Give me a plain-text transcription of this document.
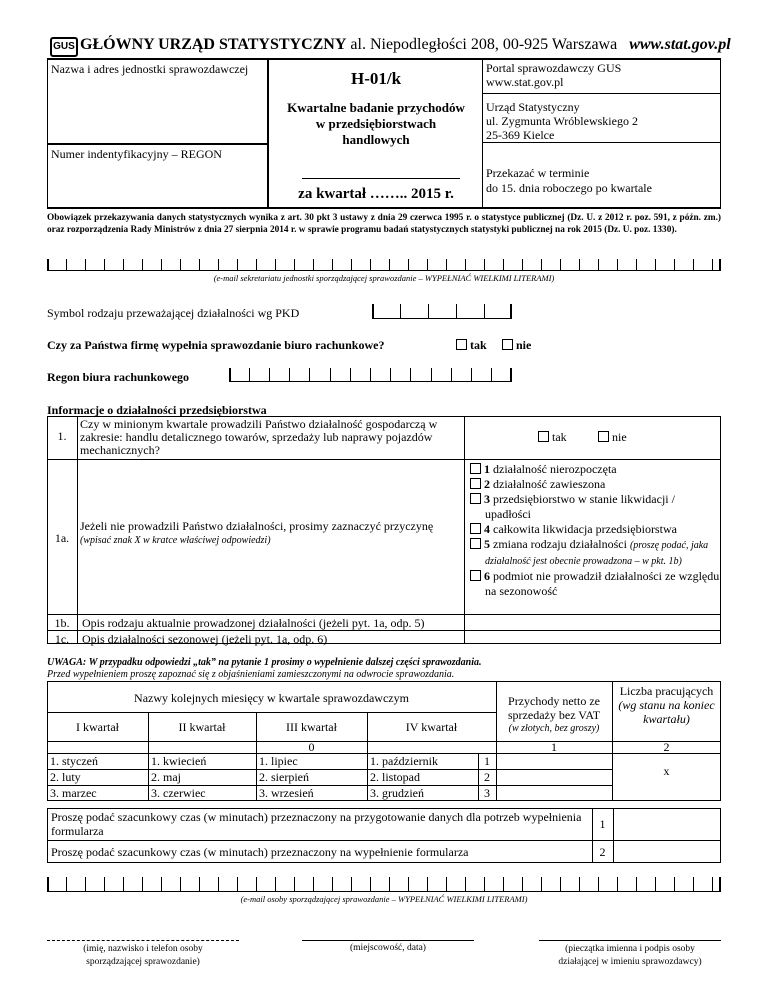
GUS GŁÓWNY URZĄD STATYSTYCZNY al. Niepodległości 208, 00-925 Warszawa www.stat.gov.pl
Nazwa i adres jednostki sprawozdawczej
Numer indentyfikacyjny – REGON
H-01/k
Kwartalne badanie przychodów
w przedsiębiorstwach
handlowych
za kwartał …….. 2015 r.
Portal sprawozdawczy GUS
www.stat.gov.pl
Urząd Statystyczny
ul. Zygmunta Wróblewskiego 2
25-369 Kielce
Przekazać w terminie
do 15. dnia roboczego po kwartale
Obowiązek przekazywania danych statystycznych wynika z art. 30 pkt 3 ustawy z dnia 29 czerwca 1995 r. o statystyce publicznej (Dz. U. z 2012 r. poz. 591, z późn. zm.) oraz rozporządzenia Rady Ministrów z dnia 27 sierpnia 2014 r. w sprawie programu badań statystycznych statystyki publicznej na rok 2015 (Dz. U. poz. 1330).
(e-mail sekretariatu jednostki sporządzającej sprawozdanie – WYPEŁNIAĆ WIELKIMI LITERAMI)
Symbol rodzaju przeważającej działalności wg PKD
Czy za Państwa firmę wypełnia sprawozdanie biuro rachunkowe?	tak	nie
Regon biura rachunkowego
Informacje o działalności przedsiębiorstwa
1.
Czy w minionym kwartale prowadzili Państwo działalność gospodarczą w zakresie: handlu detalicznego towarów, sprzedaży lub naprawy pojazdów mechanicznych?
tak	nie
1a.
Jeżeli nie prowadzili Państwo działalności, prosimy zaznaczyć przyczynę
(wpisać znak X w kratce właściwej odpowiedzi)
1 działalność nierozpoczęta
2 działalność zawieszona
3 przedsiębiorstwo w stanie likwidacji / upadłości
4 całkowita likwidacja przedsiębiorstwa
5 zmiana rodzaju działalności (proszę podać, jaka działalność jest obecnie prowadzona – w pkt. 1b)
6 podmiot nie prowadził działalności ze względu na sezonowość
1b.	Opis rodzaju aktualnie prowadzonej działalności (jeżeli pyt. 1a, odp. 5)
1c.	Opis działalności sezonowej (jeżeli pyt. 1a, odp. 6)
UWAGA: W przypadku odpowiedzi „tak” na pytanie 1 prosimy o wypełnienie dalszej części sprawozdania.
Przed wypełnieniem proszę zapoznać się z objaśnieniami zamieszczonymi na odwrocie sprawozdania.
Nazwy kolejnych miesięcy w kwartale sprawozdawczym
I kwartał	II kwartał	III kwartał	IV kwartał
Przychody netto ze
sprzedaży bez VAT
(w złotych, bez groszy)
Liczba pracujących
(wg stanu na koniec kwartału)
0	1	2
1. styczeń	1. kwiecień	1. lipiec	1. październik	1
2. luty	2. maj	2. sierpień	2. listopad	2
3. marzec	3. czerwiec	3. wrzesień	3. grudzień	3
x
Proszę podać szacunkowy czas (w minutach) przeznaczony na przygotowanie danych dla potrzeb wypełnienia formularza	1
Proszę podać szacunkowy czas (w minutach) przeznaczony na wypełnienie formularza	2
(e-mail osoby sporządzającej sprawozdanie – WYPEŁNIAĆ WIELKIMI LITERAMI)
(imię, nazwisko i telefon osoby
sporządzającej sprawozdanie)
(miejscowość, data)	(pieczątka imienna i podpis osoby
działającej w imieniu sprawozdawcy)
